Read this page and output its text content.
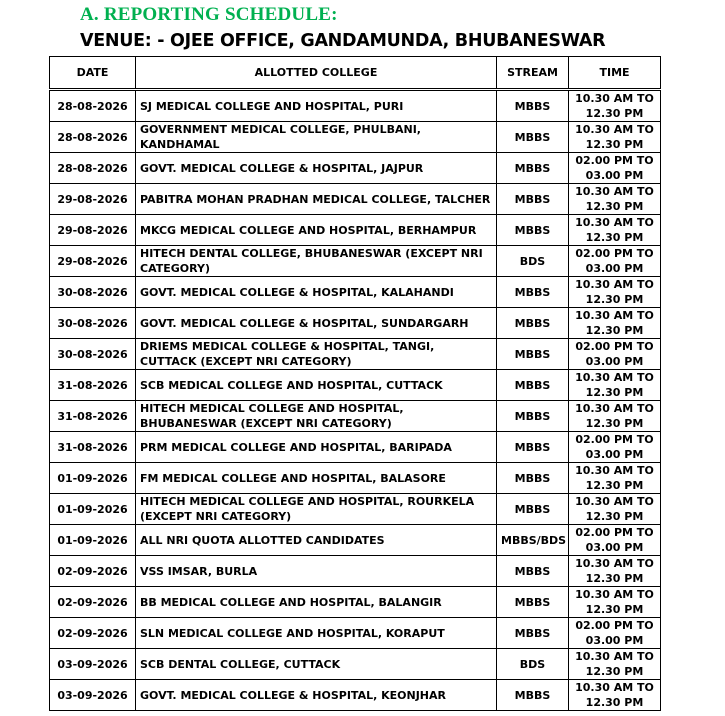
A. REPORTING SCHEDULE:
VENUE: - OJEE OFFICE, GANDAMUNDA, BHUBANESWAR
DATE	ALLOTTED COLLEGE	STREAM	TIME
28-08-2026	SJ MEDICAL COLLEGE AND HOSPITAL, PURI	MBBS	10.30 AM TO 12.30 PM
28-08-2026	GOVERNMENT MEDICAL COLLEGE, PHULBANI, KANDHAMAL	MBBS	10.30 AM TO 12.30 PM
28-08-2026	GOVT. MEDICAL COLLEGE & HOSPITAL, JAJPUR	MBBS	02.00 PM TO 03.00 PM
29-08-2026	PABITRA MOHAN PRADHAN MEDICAL COLLEGE, TALCHER	MBBS	10.30 AM TO 12.30 PM
29-08-2026	MKCG MEDICAL COLLEGE AND HOSPITAL, BERHAMPUR	MBBS	10.30 AM TO 12.30 PM
29-08-2026	HITECH DENTAL COLLEGE, BHUBANESWAR (EXCEPT NRI CATEGORY)	BDS	02.00 PM TO 03.00 PM
30-08-2026	GOVT. MEDICAL COLLEGE & HOSPITAL, KALAHANDI	MBBS	10.30 AM TO 12.30 PM
30-08-2026	GOVT. MEDICAL COLLEGE & HOSPITAL, SUNDARGARH	MBBS	10.30 AM TO 12.30 PM
30-08-2026	DRIEMS MEDICAL COLLEGE & HOSPITAL, TANGI, CUTTACK (EXCEPT NRI CATEGORY)	MBBS	02.00 PM TO 03.00 PM
31-08-2026	SCB MEDICAL COLLEGE AND HOSPITAL, CUTTACK	MBBS	10.30 AM TO 12.30 PM
31-08-2026	HITECH MEDICAL COLLEGE AND HOSPITAL, BHUBANESWAR (EXCEPT NRI CATEGORY)	MBBS	10.30 AM TO 12.30 PM
31-08-2026	PRM MEDICAL COLLEGE AND HOSPITAL, BARIPADA	MBBS	02.00 PM TO 03.00 PM
01-09-2026	FM MEDICAL COLLEGE AND HOSPITAL, BALASORE	MBBS	10.30 AM TO 12.30 PM
01-09-2026	HITECH MEDICAL COLLEGE AND HOSPITAL, ROURKELA (EXCEPT NRI CATEGORY)	MBBS	10.30 AM TO 12.30 PM
01-09-2026	ALL NRI QUOTA ALLOTTED CANDIDATES	MBBS/BDS	02.00 PM TO 03.00 PM
02-09-2026	VSS IMSAR, BURLA	MBBS	10.30 AM TO 12.30 PM
02-09-2026	BB MEDICAL COLLEGE AND HOSPITAL, BALANGIR	MBBS	10.30 AM TO 12.30 PM
02-09-2026	SLN MEDICAL COLLEGE AND HOSPITAL, KORAPUT	MBBS	02.00 PM TO 03.00 PM
03-09-2026	SCB DENTAL COLLEGE, CUTTACK	BDS	10.30 AM TO 12.30 PM
03-09-2026	GOVT. MEDICAL COLLEGE & HOSPITAL, KEONJHAR	MBBS	10.30 AM TO 12.30 PM
